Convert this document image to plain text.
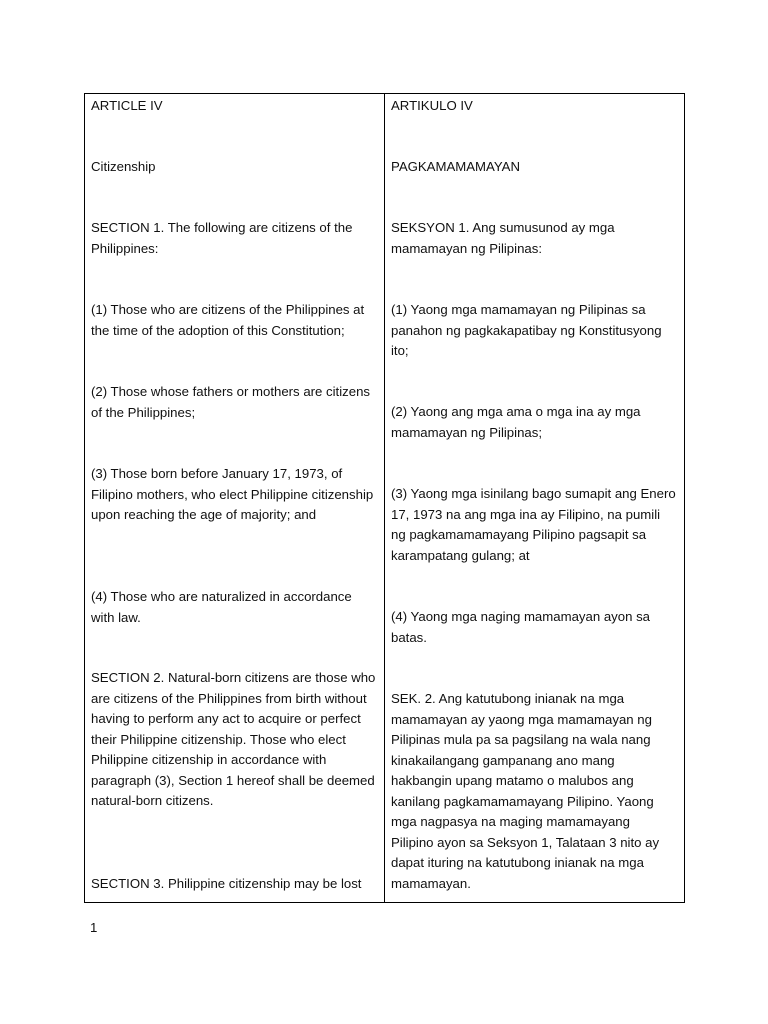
ARTICLE IV

Citizenship

SECTION 1. The following are citizens of the Philippines:

(1) Those who are citizens of the Philippines at the time of the adoption of this Constitution;

(2) Those whose fathers or mothers are citizens of the Philippines;

(3) Those born before January 17, 1973, of Filipino mothers, who elect Philippine citizenship upon reaching the age of majority; and

(4) Those who are naturalized in accordance with law.

SECTION 2. Natural-born citizens are those who are citizens of the Philippines from birth without having to perform any act to acquire or perfect their Philippine citizenship. Those who elect Philippine citizenship in accordance with paragraph (3), Section 1 hereof shall be deemed natural-born citizens.

SECTION 3. Philippine citizenship may be lost

ARTIKULO IV

PAGKAMAMAMAYAN

SEKSYON 1. Ang sumusunod ay mga mamamayan ng Pilipinas:

(1) Yaong mga mamamayan ng Pilipinas sa panahon ng pagkakapatibay ng Konstitusyong ito;

(2) Yaong ang mga ama o mga ina ay mga mamamayan ng Pilipinas;

(3) Yaong mga isinilang bago sumapit ang Enero 17, 1973 na ang mga ina ay Filipino, na pumili ng pagkamamamayang Pilipino pagsapit sa karampatang gulang; at

(4) Yaong mga naging mamamayan ayon sa batas.

SEK. 2. Ang katutubong inianak na mga mamamayan ay yaong mga mamamayan ng Pilipinas mula pa sa pagsilang na wala nang kinakailangang gampanang ano mang hakbangin upang matamo o malubos ang kanilang pagkamamamayang Pilipino. Yaong mga nagpasya na maging mamamayang Pilipino ayon sa Seksyon 1, Talataan 3 nito ay dapat ituring na katutubong inianak na mga mamamayan.

1
